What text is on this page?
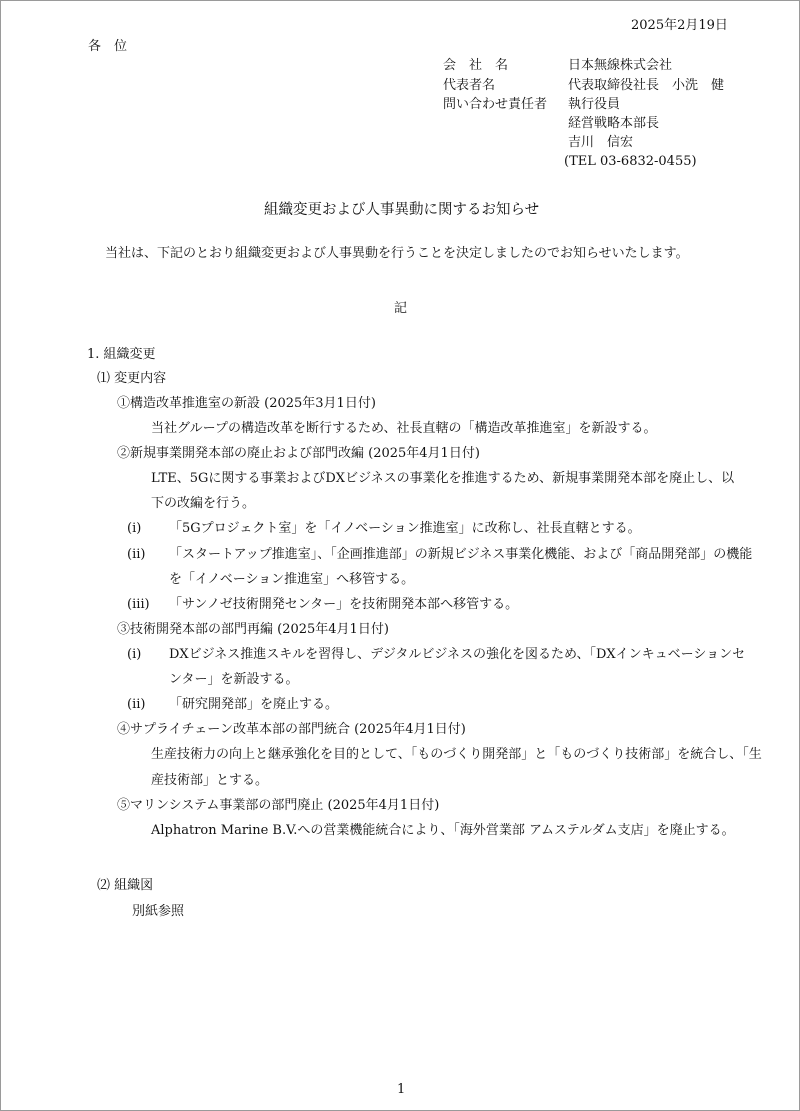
2025年2月19日
各　位
会　社　名	日本無線株式会社
代表者名	代表取締役社長　小洗　健
問い合わせ責任者 執行役員
経営戦略本部長
吉川　信宏
(TEL 03-6832-0455)
組織変更および人事異動に関するお知らせ
当社は、下記のとおり組織変更および人事異動を行うことを決定しましたのでお知らせいたします。
記
1. 組織変更
⑴ 変更内容
①構造改革推進室の新設 (2025年3月1日付)
当社グループの構造改革を断行するため、社長直轄の「構造改革推進室」を新設する。
②新規事業開発本部の廃止および部門改編 (2025年4月1日付)
LTE、5Gに関する事業およびDXビジネスの事業化を推進するため、新規事業開発本部を廃止し、以
下の改編を行う。
(ⅰ) 「5Gプロジェクト室」を「イノベーション推進室」に改称し、社長直轄とする。
(ⅱ) 「スタートアップ推進室」、「企画推進部」の新規ビジネス事業化機能、および「商品開発部」の機能
を「イノベーション推進室」へ移管する。
(ⅲ) 「サンノゼ技術開発センター」を技術開発本部へ移管する。
③技術開発本部の部門再編 (2025年4月1日付)
(ⅰ) DXビジネス推進スキルを習得し、デジタルビジネスの強化を図るため、「DXインキュベーションセ
ンター」を新設する。
(ⅱ) 「研究開発部」を廃止する。
④サプライチェーン改革本部の部門統合 (2025年4月1日付)
生産技術力の向上と継承強化を目的として、「ものづくり開発部」と「ものづくり技術部」を統合し、「生
産技術部」とする。
⑤マリンシステム事業部の部門廃止 (2025年4月1日付)
Alphatron Marine B.V.への営業機能統合により、「海外営業部 アムステルダム支店」を廃止する。
⑵ 組織図
別紙参照
1
